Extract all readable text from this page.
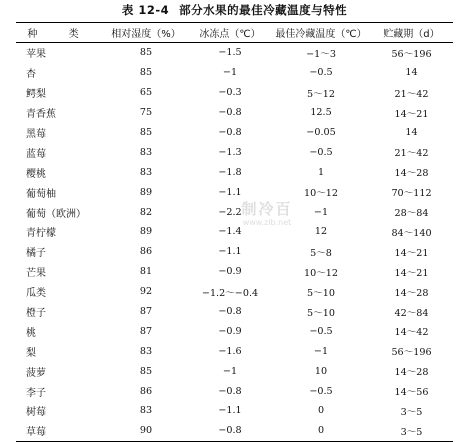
表 12-4 部分水果的最佳冷藏温度与特性
种 类	相对湿度（%）	冰冻点（℃）	最佳冷藏温度（℃）	贮藏期（d）
苹果	85	−1.5	−1～3	56～196
杏	85	−1	−0.5	14
鳄梨	65	−0.3	5～12	21～42
青香蕉	75	−0.8	12.5	14～21
黑莓	85	−0.8	−0.05	14
蓝莓	83	−1.3	−0.5	21～42
樱桃	83	−1.8	1	14～28
葡萄柚	89	−1.1	10～12	70～112
葡萄（欧洲）	82	−2.2	−1	28～84
青柠檬	89	−1.4	12	84～140
橘子	86	−1.1	5～8	14～21
芒果	81	−0.9	10～12	14～21
瓜类	92	−1.2～−0.4	5～10	14～28
橙子	87	−0.8	5～10	42～84
桃	87	−0.9	−0.5	14～42
梨	83	−1.6	−1	56～196
菠萝	85	−1	10	14～28
李子	86	−0.8	−0.5	14～56
树莓	83	−1.1	0	3～5
草莓	90	−0.8	0	3～5
制冷百
www.zlb.net
